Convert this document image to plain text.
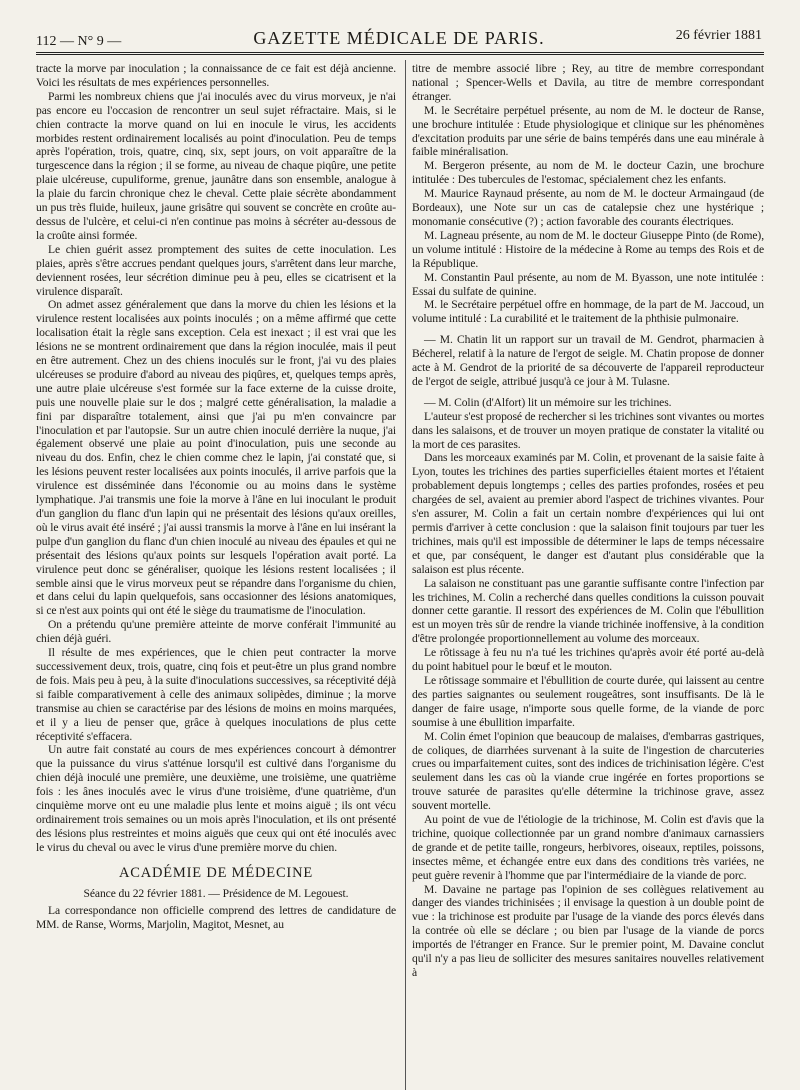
112 — N° 9 —	GAZETTE MÉDICALE DE PARIS.	26 février 1881

tracte la morve par inoculation ; la connaissance de ce fait est déjà ancienne. Voici les résultats de mes expériences personnelles.

Parmi les nombreux chiens que j'ai inoculés avec du virus morveux, je n'ai pas encore eu l'occasion de rencontrer un seul sujet réfractaire. Mais, si le chien contracte la morve quand on lui en inocule le virus, les accidents morbides restent ordinairement localisés au point d'inoculation. Peu de temps après l'opération, trois, quatre, cinq, six, sept jours, on voit apparaître de la turgescence dans la région ; il se forme, au niveau de chaque piqûre, une petite plaie ulcéreuse, cupuliforme, grenue, jaunâtre dans son ensemble, analogue à la plaie du farcin chronique chez le cheval. Cette plaie sécrète abondamment un pus très fluide, huileux, jaune grisâtre qui souvent se concrète en croûte au-dessus de l'ulcère, et celui-ci n'en continue pas moins à sécréter au-dessous de la croûte ainsi formée.

Le chien guérit assez promptement des suites de cette inoculation. Les plaies, après s'être accrues pendant quelques jours, s'arrêtent dans leur marche, deviennent rosées, leur sécrétion diminue peu à peu, elles se cicatrisent et la virulence disparaît.

On admet assez généralement que dans la morve du chien les lésions et la virulence restent localisées aux points inoculés ; on a même affirmé que cette localisation était la règle sans exception. Cela est inexact ; il est vrai que les lésions ne se montrent ordinairement que dans la région inoculée, mais il peut en être autrement. Chez un des chiens inoculés sur le front, j'ai vu des plaies ulcéreuses se produire d'abord au niveau des piqûres, et, quelques temps après, une autre plaie ulcéreuse s'est formée sur la face externe de la cuisse droite, puis une nouvelle plaie sur le dos ; malgré cette généralisation, la maladie a fini par disparaître totalement, ainsi que j'ai pu m'en convaincre par l'inoculation et par l'autopsie. Sur un autre chien inoculé derrière la nuque, j'ai également observé une plaie au point d'inoculation, puis une seconde au niveau du dos. Enfin, chez le chien comme chez le lapin, j'ai constaté que, si les lésions peuvent rester localisées aux points inoculés, il arrive parfois que la virulence est disséminée dans l'économie ou au moins dans le système lymphatique. J'ai transmis une foie la morve à l'âne en lui inoculant le produit d'un ganglion du flanc d'un lapin qui ne présentait des lésions qu'aux oreilles, où le virus avait été inséré ; j'ai aussi transmis la morve à l'âne en lui insérant la pulpe d'un ganglion du flanc d'un chien inoculé au niveau des épaules et qui ne présentait des lésions qu'aux points sur lesquels l'opération avait porté. La virulence peut donc se généraliser, quoique les lésions restent localisées ; il semble ainsi que le virus morveux peut se répandre dans l'organisme du chien, et dans celui du lapin quelquefois, sans occasionner des lésions anatomiques, si ce n'est aux points qui ont été le siège du traumatisme de l'inoculation.

On a prétendu qu'une première atteinte de morve conférait l'immunité au chien déjà guéri.

Il résulte de mes expériences, que le chien peut contracter la morve successivement deux, trois, quatre, cinq fois et peut-être un plus grand nombre de fois. Mais peu à peu, à la suite d'inoculations successives, sa réceptivité déjà si faible comparativement à celle des animaux solipèdes, diminue ; la morve transmise au chien se caractérise par des lésions de moins en moins marquées, et il y a lieu de penser que, grâce à quelques inoculations de plus cette réceptivité s'effacera.

Un autre fait constaté au cours de mes expériences concourt à démontrer que la puissance du virus s'atténue lorsqu'il est cultivé dans l'organisme du chien déjà inoculé une première, une deuxième, une troisième, une quatrième fois : les ânes inoculés avec le virus d'une troisième, d'une quatrième, d'un cinquième morve ont eu une maladie plus lente et moins aiguë ; ils ont vécu ordinairement trois semaines ou un mois après l'inoculation, et ils ont présenté des lésions plus restreintes et moins aiguës que ceux qui ont été inoculés avec le virus du cheval ou avec le virus d'une première morve du chien.

ACADÉMIE DE MÉDECINE

Séance du 22 février 1881. — Présidence de M. Legouest.

La correspondance non officielle comprend des lettres de candidature de MM. de Ranse, Worms, Marjolin, Magitot, Mesnet, au

titre de membre associé libre ; Rey, au titre de membre correspondant national ; Spencer-Wells et Davila, au titre de membre correspondant étranger.

M. le Secrétaire perpétuel présente, au nom de M. le docteur de Ranse, une brochure intitulée : Etude physiologique et clinique sur les phénomènes d'excitation produits par une série de bains tempérés dans une eau minérale à faible minéralisation.

M. Bergeron présente, au nom de M. le docteur Cazin, une brochure intitulée : Des tubercules de l'estomac, spécialement chez les enfants.

M. Maurice Raynaud présente, au nom de M. le docteur Armaingaud (de Bordeaux), une Note sur un cas de catalepsie chez une hystérique ; monomanie consécutive (?) ; action favorable des courants électriques.

M. Lagneau présente, au nom de M. le docteur Giuseppe Pinto (de Rome), un volume intitulé : Histoire de la médecine à Rome au temps des Rois et de la République.

M. Constantin Paul présente, au nom de M. Byasson, une note intitulée : Essai du sulfate de quinine.

M. le Secrétaire perpétuel offre en hommage, de la part de M. Jaccoud, un volume intitulé : La curabilité et le traitement de la phthisie pulmonaire.

— M. Chatin lit un rapport sur un travail de M. Gendrot, pharmacien à Bécherel, relatif à la nature de l'ergot de seigle. M. Chatin propose de donner acte à M. Gendrot de la priorité de sa découverte de l'appareil reproducteur de l'ergot de seigle, attribué jusqu'à ce jour à M. Tulasne.

— M. Colin (d'Alfort) lit un mémoire sur les trichines.

L'auteur s'est proposé de rechercher si les trichines sont vivantes ou mortes dans les salaisons, et de trouver un moyen pratique de constater la vitalité ou la mort de ces parasites.

Dans les morceaux examinés par M. Colin, et provenant de la saisie faite à Lyon, toutes les trichines des parties superficielles étaient mortes et l'étaient probablement depuis longtemps ; celles des parties profondes, rosées et peu chargées de sel, avaient au premier abord l'aspect de trichines vivantes. Pour s'en assurer, M. Colin a fait un certain nombre d'expériences qui lui ont permis d'arriver à cette conclusion : que la salaison finit toujours par tuer les trichines, mais qu'il est impossible de déterminer le laps de temps nécessaire et que, par conséquent, le danger est d'autant plus considérable que la salaison est plus récente.

La salaison ne constituant pas une garantie suffisante contre l'infection par les trichines, M. Colin a recherché dans quelles conditions la cuisson pouvait donner cette garantie. Il ressort des expériences de M. Colin que l'ébullition est un moyen très sûr de rendre la viande trichinée inoffensive, à la condition d'être prolongée proportionnellement au volume des morceaux.

Le rôtissage à feu nu n'a tué les trichines qu'après avoir été porté au-delà du point habituel pour le bœuf et le mouton.

Le rôtissage sommaire et l'ébullition de courte durée, qui laissent au centre des parties saignantes ou seulement rougeâtres, sont insuffisants. De là le danger de faire usage, n'importe sous quelle forme, de la viande de porc soumise à une ébullition imparfaite.

M. Colin émet l'opinion que beaucoup de malaises, d'embarras gastriques, de coliques, de diarrhées survenant à la suite de l'ingestion de charcuteries crues ou imparfaitement cuites, sont des indices de trichinisation légère. C'est seulement dans les cas où la viande crue ingérée en fortes proportions se trouve saturée de parasites qu'elle détermine la trichinose grave, assez souvent mortelle.

Au point de vue de l'étiologie de la trichinose, M. Colin est d'avis que la trichine, quoique collectionnée par un grand nombre d'animaux carnassiers de grande et de petite taille, rongeurs, herbivores, oiseaux, reptiles, poissons, insectes même, et échangée entre eux dans des conditions très variées, ne peut guère revenir à l'homme que par l'intermédiaire de la viande de porc.

M. Davaine ne partage pas l'opinion de ses collègues relativement au danger des viandes trichinisées ; il envisage la question à un double point de vue : la trichinose est produite par l'usage de la viande des porcs élevés dans la contrée où elle se déclare ; ou bien par l'usage de la viande de porcs importés de l'étranger en France. Sur le premier point, M. Davaine conclut qu'il n'y a pas lieu de solliciter des mesures sanitaires nouvelles relativement à
